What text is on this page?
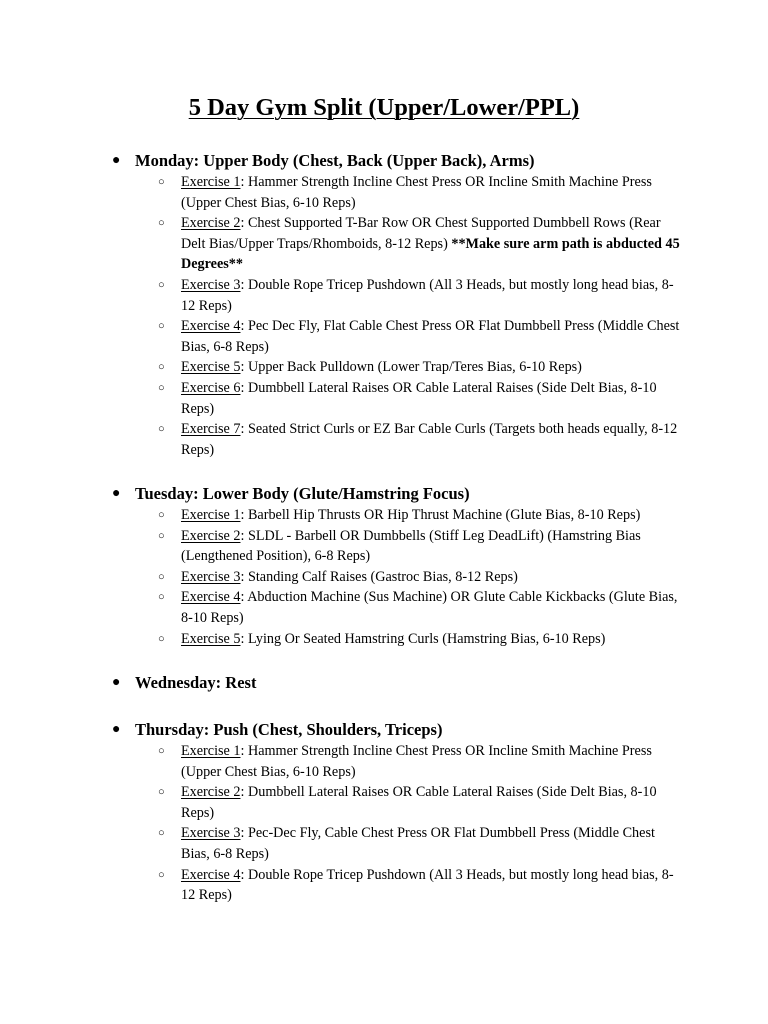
5 Day Gym Split (Upper/Lower/PPL)
● Monday: Upper Body (Chest, Back (Upper Back), Arms)
○ Exercise 1: Hammer Strength Incline Chest Press OR Incline Smith Machine Press (Upper Chest Bias, 6-10 Reps)
○ Exercise 2: Chest Supported T-Bar Row OR Chest Supported Dumbbell Rows (Rear Delt Bias/Upper Traps/Rhomboids, 8-12 Reps) **Make sure arm path is abducted 45 Degrees**
○ Exercise 3: Double Rope Tricep Pushdown (All 3 Heads, but mostly long head bias, 8-12 Reps)
○ Exercise 4: Pec Dec Fly, Flat Cable Chest Press OR Flat Dumbbell Press (Middle Chest Bias, 6-8 Reps)
○ Exercise 5: Upper Back Pulldown (Lower Trap/Teres Bias, 6-10 Reps)
○ Exercise 6: Dumbbell Lateral Raises OR Cable Lateral Raises (Side Delt Bias, 8-10 Reps)
○ Exercise 7: Seated Strict Curls or EZ Bar Cable Curls (Targets both heads equally, 8-12 Reps)
● Tuesday: Lower Body (Glute/Hamstring Focus)
○ Exercise 1: Barbell Hip Thrusts OR Hip Thrust Machine (Glute Bias, 8-10 Reps)
○ Exercise 2: SLDL - Barbell OR Dumbbells (Stiff Leg DeadLift) (Hamstring Bias (Lengthened Position), 6-8 Reps)
○ Exercise 3: Standing Calf Raises (Gastroc Bias, 8-12 Reps)
○ Exercise 4: Abduction Machine (Sus Machine) OR Glute Cable Kickbacks (Glute Bias, 8-10 Reps)
○ Exercise 5: Lying Or Seated Hamstring Curls (Hamstring Bias, 6-10 Reps)
● Wednesday: Rest
● Thursday: Push (Chest, Shoulders, Triceps)
○ Exercise 1: Hammer Strength Incline Chest Press OR Incline Smith Machine Press (Upper Chest Bias, 6-10 Reps)
○ Exercise 2: Dumbbell Lateral Raises OR Cable Lateral Raises (Side Delt Bias, 8-10 Reps)
○ Exercise 3: Pec-Dec Fly, Cable Chest Press OR Flat Dumbbell Press (Middle Chest Bias, 6-8 Reps)
○ Exercise 4: Double Rope Tricep Pushdown (All 3 Heads, but mostly long head bias, 8-12 Reps)
